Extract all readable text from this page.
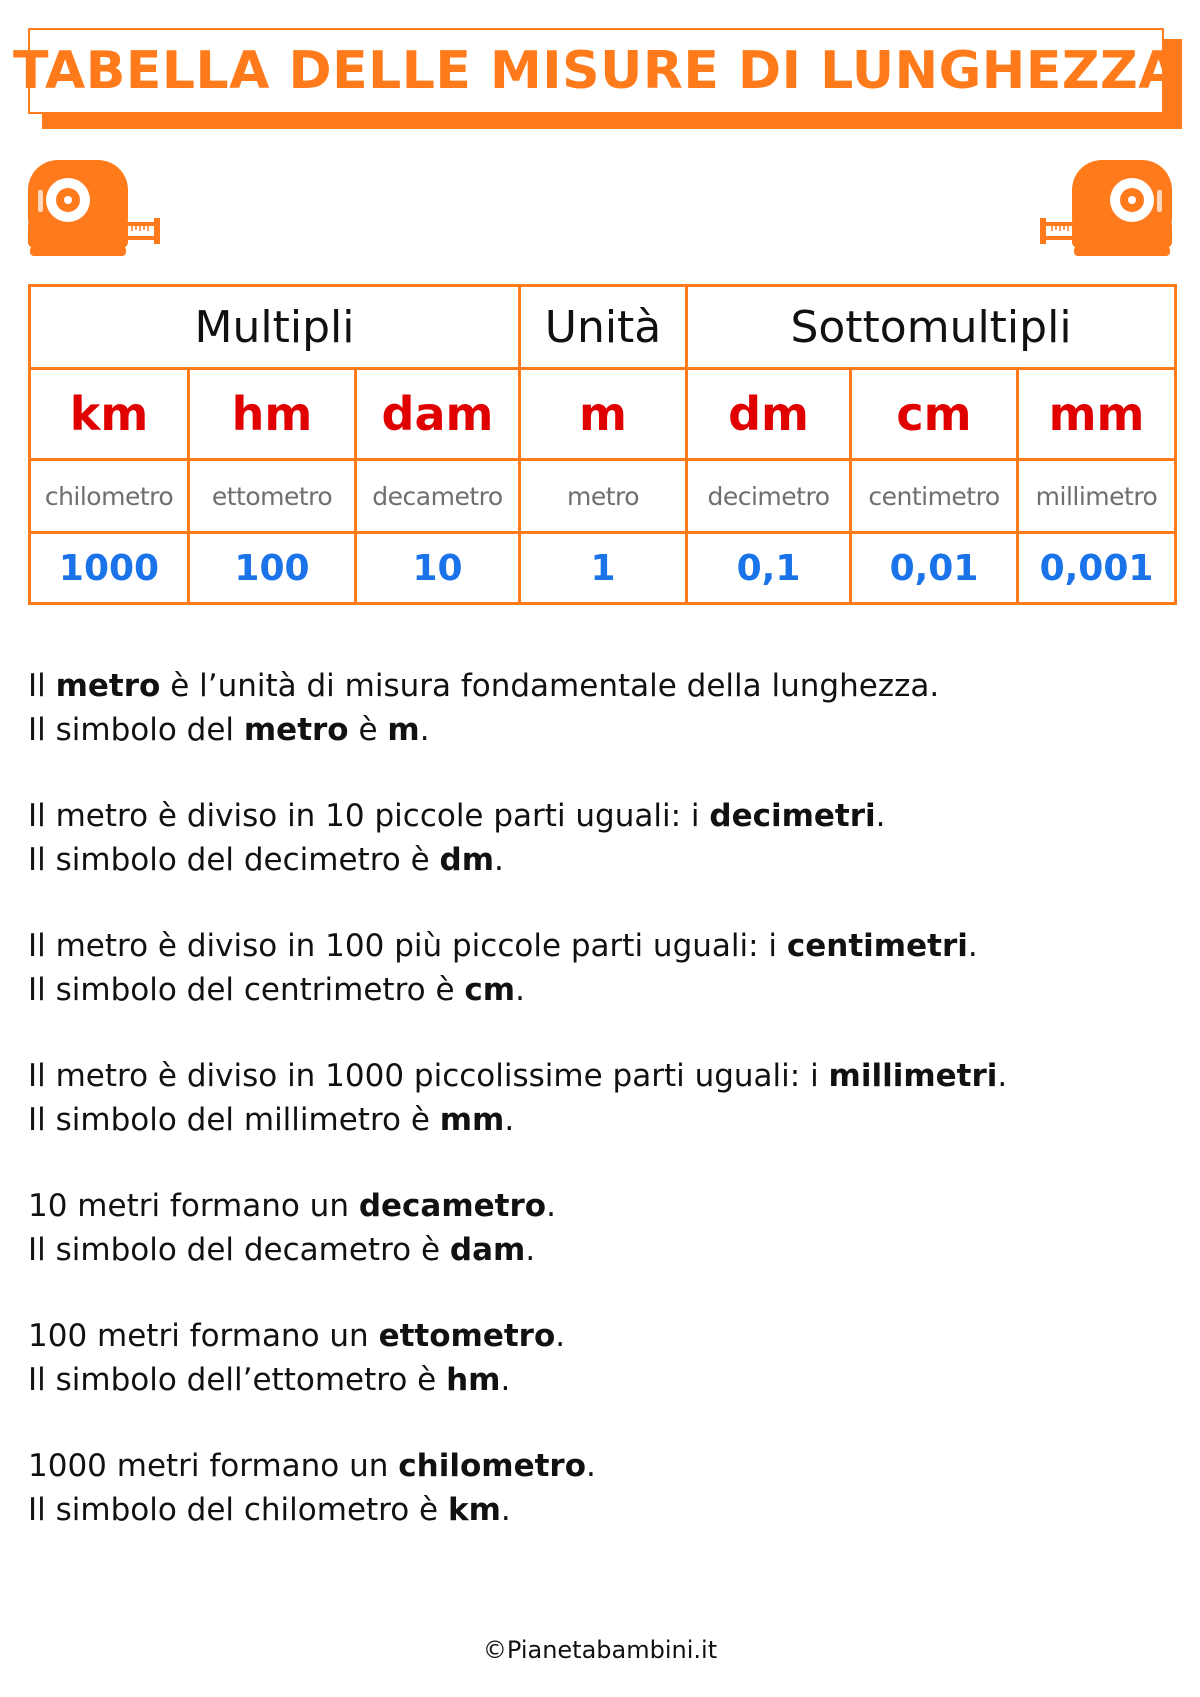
TABELLA DELLE MISURE DI LUNGHEZZA
Multipli			Unità	Sottomultipli		
km	hm	dam	m	dm	cm	mm
chilometro	ettometro	decametro	metro	decimetro	centimetro	millimetro
1000	100	10	1	0,1	0,01	0,001
Il metro è l’unità di misura fondamentale della lunghezza.
Il simbolo del metro è m.
Il metro è diviso in 10 piccole parti uguali: i decimetri.
Il simbolo del decimetro è dm.
Il metro è diviso in 100 più piccole parti uguali: i centimetri.
Il simbolo del centrimetro è cm.
Il metro è diviso in 1000 piccolissime parti uguali: i millimetri.
Il simbolo del millimetro è mm.
10 metri formano un decametro.
Il simbolo del decametro è dam.
100 metri formano un ettometro.
Il simbolo dell’ettometro è hm.
1000 metri formano un chilometro.
Il simbolo del chilometro è km.
©Pianetabambini.it
